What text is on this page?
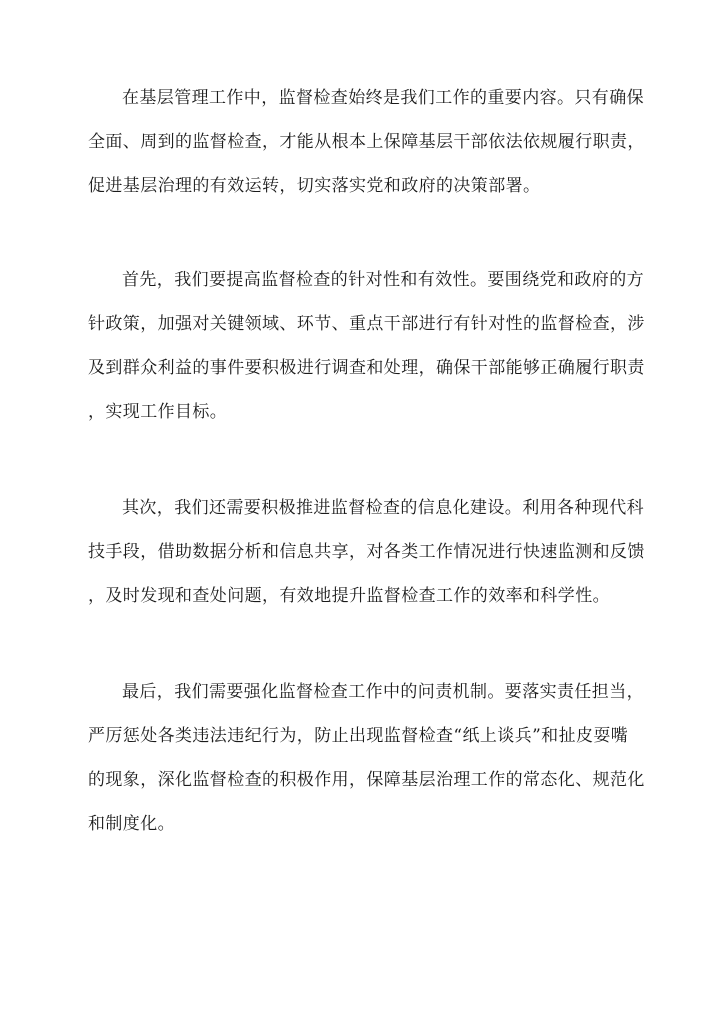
在基层管理工作中，监督检查始终是我们工作的重要内容。只有确保
全面、周到的监督检查，才能从根本上保障基层干部依法依规履行职责，
促进基层治理的有效运转，切实落实党和政府的决策部署。
首先，我们要提高监督检查的针对性和有效性。要围绕党和政府的方
针政策，加强对关键领域、环节、重点干部进行有针对性的监督检查，涉
及到群众利益的事件要积极进行调查和处理，确保干部能够正确履行职责
，实现工作目标。
其次，我们还需要积极推进监督检查的信息化建设。利用各种现代科
技手段，借助数据分析和信息共享，对各类工作情况进行快速监测和反馈
，及时发现和查处问题，有效地提升监督检查工作的效率和科学性。
最后，我们需要强化监督检查工作中的问责机制。要落实责任担当，
严厉惩处各类违法违纪行为，防止出现监督检查“纸上谈兵”和扯皮耍嘴
的现象，深化监督检查的积极作用，保障基层治理工作的常态化、规范化
和制度化。
